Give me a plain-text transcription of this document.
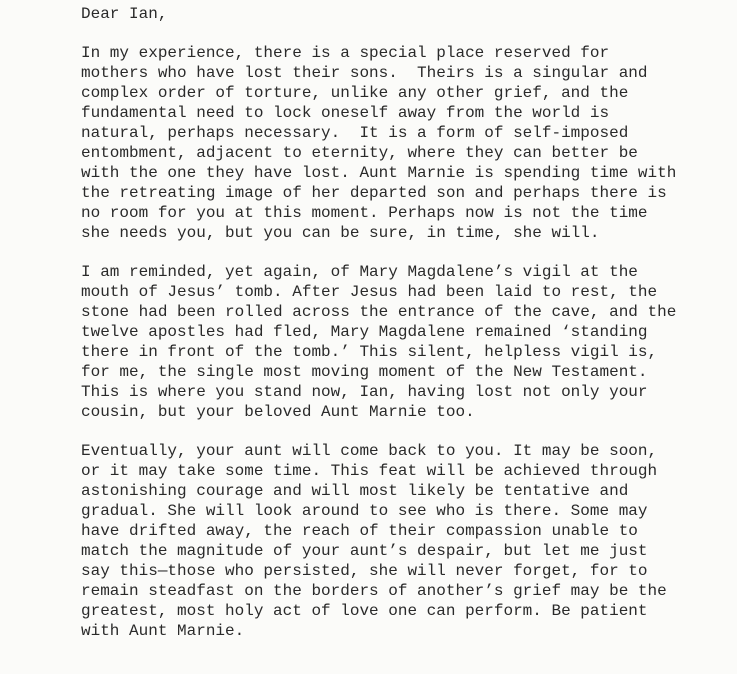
Dear Ian,
In my experience, there is a special place reserved for
mothers who have lost their sons.  Theirs is a singular and
complex order of torture, unlike any other grief, and the
fundamental need to lock oneself away from the world is
natural, perhaps necessary.  It is a form of self-imposed
entombment, adjacent to eternity, where they can better be
with the one they have lost. Aunt Marnie is spending time with
the retreating image of her departed son and perhaps there is
no room for you at this moment. Perhaps now is not the time
she needs you, but you can be sure, in time, she will.
I am reminded, yet again, of Mary Magdalene’s vigil at the
mouth of Jesus’ tomb. After Jesus had been laid to rest, the
stone had been rolled across the entrance of the cave, and the
twelve apostles had fled, Mary Magdalene remained ‘standing
there in front of the tomb.’ This silent, helpless vigil is,
for me, the single most moving moment of the New Testament.
This is where you stand now, Ian, having lost not only your
cousin, but your beloved Aunt Marnie too.
Eventually, your aunt will come back to you. It may be soon,
or it may take some time. This feat will be achieved through
astonishing courage and will most likely be tentative and
gradual. She will look around to see who is there. Some may
have drifted away, the reach of their compassion unable to
match the magnitude of your aunt’s despair, but let me just
say this—those who persisted, she will never forget, for to
remain steadfast on the borders of another’s grief may be the
greatest, most holy act of love one can perform. Be patient
with Aunt Marnie.
